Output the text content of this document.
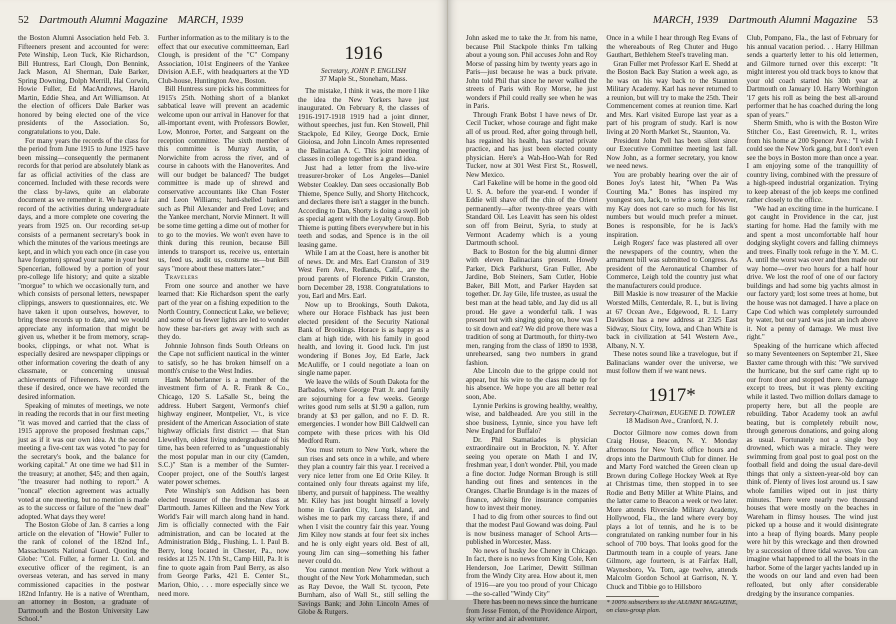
52 Dartmouth Alumni Magazine MARCH, 1939

the Boston Alumni Association held Feb. 3. Fifteeners present and accounted for were: Pete Winship, Leon Tuck, Kie Richardson, Bill Huntress, Earl Clough, Don Bennink, Jack Mason, Al Sherman, Dale Barker, Spring Downing, Dolph Merrill, Hal Corwin, Howie Fuller, Ed MacAndrews, Harold Martin, Eddie Shea, and Art Williamson. At the election of officers Dale Barker was honored by being elected one of the vice presidents of the Association. So, congratulations to you, Dale.

For many years the records of the class for the period from June 1915 to June 1925 have been missing—consequently the permanent records for that period are absolutely blank as far as official activities of the class are concerned. Included with these records were the class by-laws, quite an elaborate document as we remember it. We have a fair record of the activities during undergraduate days, and a more complete one covering the years from 1925 on. Our recording set-up consists of a permanent secretary's book in which the minutes of the various meetings are kept, and in which you each once (in case you have forgotten) spread your name in your best Spencerian, followed by a portion of your pre-college life history; and quite a sizable "morgue" to which we occasionally turn, and which consists of personal letters, newspaper clippings, answers to questionnaires, etc. We have taken it upon ourselves, however, to bring these records up to date, and we would appreciate any information that might be given us, whether it be from memory, scrap-books, clippings, or what not. What is especially desired are newspaper clippings or other information covering the death of any classmate, or concerning unusual achievements of Fifteeners. We will return these if desired, once we have recorded the desired information.

Speaking of minutes of meetings, we note in reading the records that in our first meeting "it was moved and carried that the class of 1915 approve the proposed freshman caps," just as if it was our own idea. At the second meeting a five-cent tax was voted "to pay for the secretary's book, and the balance for working capital." At one time we had $11 in the treasury; at another, $45; and then again, "the treasurer had nothing to report." A "noncal" election agreement was actually voted at one meeting, but no mention is made as to the success or failure of the "new deal" adopted. What days they were!

The Boston Globe of Jan. 8 carries a long article on the elevation of "Howie" Fuller to the rank of colonel of the 182nd Inf., Massachusetts National Guard. Quoting the Globe: "Col. Fuller, a former Lt. Col. and executive officer of the regiment, is an overseas veteran, and has served in many commissioned capacities in the postwar 182nd Infantry. He is a native of Wrentham, an attorney in Boston, a graduate of Dartmouth and the Boston University Law School."

Further information as to the military is to the effect that our executive committeeman, Earl Clough, is president of the "C" Company Association, 101st Engineers of the Yankee Division A.E.F., with headquarters at the YD Club-house, Huntington Ave., Boston.

Bill Huntress sure picks his committees for 1915's 25th. Nothing short of a blanket sabbatical leave will prevent an academic welcome upon our arrival in Hanover for that all-important event, with Professors Bowler, Low, Monroe, Porter, and Sargeant on the reception committee. The sixth member of this committee is Murray Austin, a Norwichite from across the river, and of course in cahoots with the Hanoverites. And will our budget be balanced? The budget committee is made up of shrewd and conservative accountants like Chan Foster and Leon Williams; hard-shelled bankers such as Phil Alexander and Fred Love; and the Yankee merchant, Norvie Minnert. It will be some time getting a dime out of mother for to go to the movies. We won't even have to think during this reunion, because Bill intends to transport us, receive us, entertain us, feed us, audit us, costume us—but Bill says "more about these matters later."

Travelers

From one source and another we have learned that: Kie Richardson spent the early part of the year on a fishing expedition to the North Country, Connecticut Lake, we believe; and some of us fewer lights are led to wonder how these bar-riers get away with such as they do.

Johnnie Johnson finds South Orleans on the Cape not sufficient nautical in the winter to satisfy, so he has broken himself on a month's cruise to the West Indies.

Hank Moberlanner is a member of the investment firm of A. R. Frank & Co., Chicago, 120 S. LaSalle St., being the address. Hubert Sargent, Vermont's chief highway engineer, Montpelier, Vt., is vice president of the American Association of state highway officials first district — that Stan Llewellyn, oldest living undergraduate of his time, has been referred to as "unquestionably the most popular man in our city (Camden, S.C.)" Stan is a member of the Sumter-Cooper project, one of the South's largest water power schemes.

Pete Winship's son Addison has been elected treasurer of the freshman class at Dartmouth. James Killeen and the New York World's Fair will march along hand in hand. Jim is officially connected with the Fair administration, and can be located at the Administration Bldg., Flushing, L. I. Paul B. Berry, long located in Chester, Pa., now resides at 125 N. 17th St., Camp Hill, Pa. It is fine to quote again from Paul Berry, as also from George Parks, 421 E. Center St., Marion, Ohio, . . . more especially since we need more.

1916
Secretary, JOHN P. ENGLISH
37 Maple St., Stoneham, Mass.

The mistake, I think it was, the more I like the idea the New Yorkers have just inaugurated. On February 8, the classes of 1916-1917-1918 1919 had a joint dinner, without speeches, just fun. Ken Stowell, Phil Stackpole, Ed Kiley, George Dock, Ernie Gioiosa, and John Lincoln Ames represented the Balinacian A. C. This joint meeting of classes in college together is a grand idea.

Just had a letter from the live-wire treasurer-broker of Los Angeles—Daniel Webster Coakley. Dan sees occasionally Bob Thieme, Spence Sully, and Shorty Hitchcock, and declares there isn't a stagger in the bunch. According to Dan, Shorty is doing a swell job as special agent with the Loyalty Group. Bob Thieme is putting fibers everywhere but in his teeth and sodas, and Spence is in the oil leasing game.

While I am at the Coast, here is another bit of news. Dr. and Mrs. Earl Cranston of 319 West Fern Ave., Redlands, Calif., are the proud parents of Florence Pitkin Cranston, born December 28, 1938. Congratulations to you, Earl and Mrs. Earl.

Now up to Brookings, South Dakota, where our Horace Fishback has just been elected president of the Security National Bank of Brookings. Horace is as happy as a clam at high tide, with his family in good health, and loving it. Good luck. I'm just wondering if Bones Joy, Ed Earle, Jack McAuliffe, or I could negotiate a loan on single name paper.

We leave the wilds of South Dakota for the Barbados, where George Pratt Jr. and family are sojourning for a few weeks. George writes good rum sells at $1.90 a gallon, rum brandy at $3 per gallon, and no F. D. R. emergencies. I wonder how Bill Caldwell can compete with these prices with his Old Medford Rum.

You must return to New York, where the sun rises and sets once in a while, and where they plan a country fair this year. I received a very nice letter from one Ed Orite Kiley. It contained only four threats against my life, liberty, and pursuit of happiness. The wealthy Mr. Kiley has just bought himself a lovely home in Garden City, Long Island, and wishes me to park my carcass there, if and when I visit the country fair this year. Young Jim Kiley now stands at four feet six inches and he is only eight years old. Best of all, young Jim can sing—something his father never could do.

You cannot mention New York without a thought of the New York Mohammedan, such as Ray Devoe, the Wall St. tycoon, Pete Burnham, also of Wall St., still selling the Savings Bank; and John Lincoln Ames of Globe & Rutgers.

MARCH, 1939 Dartmouth Alumni Magazine 53

John asked me to take the Jr. from his name, because Phil Stackpole thinks I'm talking about a young son. Phil accuses John and Roy Morse of passing him by twenty years ago in Paris—just because he was a buck private. John told Phil that since he never walked the streets of Paris with Roy Morse, he just wonders if Phil could really see when he was in Paris.

Through Frank Bobst I have news of Dr. Cecil Tucker, whose courage and fight make all of us proud. Red, after going through hell, has regained his health, has started private practice, and has just been elected county physician. Here's a Wah-Hoo-Wah for Red Tucker, now at 301 West First St., Roswell, New Mexico.

Carl Fakeline will be home in the good old U. S. A. before the year-end. I wonder if Eddie will shave off the chin of the Orient permanently—after twenty-three years with Standard Oil. Les Leavitt has seen his oldest son off from Beirut, Syria, to study at Vermont Academy which is a young Dartmouth school.

Back to Boston for the big alumni dinner with eleven Balinacians present. Howdy Parker, Dick Parkhurst, Gran Fuller, Abe Jardine, Bob Steiners, Sam Cutler, Hobie Baker, Bill Mott, and Parker Hayden sat together. Dr. Jay Gile, life trustee, as usual the best man at the head table, and Jay did us all proud. He gave a wonderful talk. I was present but with singing going on, how was I to sit down and eat? We did prove there was a tradition of song at Dartmouth, for thirty-two men, ranging from the class of 1890 to 1938, unrehearsed, sang two numbers in grand fashion.

Abe Lincoln due to the grippe could not appear, but his wire to the class made up for his absence. We hope you are all better real soon, Abe.

Lynnie Perkins is growing healthy, wealthy, wise, and baldheaded. Are you still in the shoe business, Lynnie, since you have left New England for Buffalo?

Dr. Phil Stamatiades is physician extraordinaire out in Brockton, N. Y. After seeing you operate on Math I and IV, freshman year, I don't wonder. Phil, you made a fine doctor. Judge Norman Brough is still handing out fines and sentences in the Oranges. Charlie Brundage is in the mazes of finance, advising fire insurance companies how to invest their money.

I had to dig from other sources to find out that the modest Paul Gowand was doing. Paul is now business manager of School Arts—published in Worcester, Mass.

No news of husky Joe Cheney in Chicago. In fact, there is no news from King Cole, Ken Henderson, Joe Larimer, Dewitt Stillman from the Windy City area. How about it, men of 1916—are you too proud of your Chicago—the so-called "Windy City"

There has been no news since the hurricane from Jesse Fenton, of the Providence Airport, sky writer and air adventurer.

Once in a while I hear through Reg Evans of the whereabouts of Reg Chuter and Hugo Gauthart, Bethlehem Steel's traveling man.

Gran Fuller met Professor Karl E. Shedd at the Boston Back Bay Station a week ago, as he was on his way back to the Staunton Military Academy. Karl has never returned to a reunion, but will try to make the 25th. Their Commencement comes at reunion time. Karl and Mrs. Karl visited Europe last year as a part of his program of study. Karl is now living at 20 North Market St., Staunton, Va.

President John Pell has been silent since our Executive Committee meeting last fall. Now John, as a former secretary, you know we need news.

You are probably hearing over the air of Bones Joy's latest hit, "When Pa Was Courting Ma." Bones has inspired my youngest son, Jack, to write a song. However, my Kay does not care so much for his list numbers but would much prefer a minuet. Bones is responsible, for he is Jack's inspiration.

Leigh Rogers' face was plastered all over the newspapers of the country, when the armament bill was submitted to Congress. As president of the Aeronautical Chamber of Commerce, Leigh told the country just what the manufacturers could produce.

Bill Maskie is now treasurer of the Mackie Worsted Mills, Centerdale, R. I., but is living at 67 Ocean Ave., Edgewood, R. I. Larry Davidson has a new address at 2325 East Sidway, Sioux City, Iowa, and Chan White is back in civilization at 541 Western Ave., Albany, N. Y.

These notes sound like a travelogue, but if Balinacians wander over the universe, we must follow them if we want news.

1917*
Secretary-Chairman, EUGENE D. TOWLER
18 Madison Ave., Cranford, N. J.

Doctor Gilmore now comes down from Craig House, Beacon, N. Y. Monday afternoons for New York office hours and drops into the Dartmouth Club for dinner. He and Marty Ford watched the Green clean up Brown during College Hockey Week at Rye at Christmas time, then stopped in to see Rodie and Betty Miller at White Plains, and the latter came to Beacon a week or two later. More attends Riverside Military Academy, Hollywood, Fla., the land where every boy plays a lot of tennis, and he is to be congratulated on ranking number four in his school of 700 boys. That looks good for the Dartmouth team in a couple of years. Jane Gilmore, age fourteen, is at Fairfax Hall, Waynesboro, Va. Tom, age twelve, attends Malcolm Gordon School at Garrison, N. Y. Chuck and Tibbie go to Hillsboro

* 100% subscribers to the ALUMNI MAGAZINE, on class-group plan.

Club, Pompano, Fla., the last of February for his annual vacation period. . . Harry Hillman sends a quarterly letter to his old lettermen, and Gilmore turned over this excerpt: "It might interest you old track boys to know that your old coach started his 30th year at Dartmouth on January 10. Harry Worthington '17 gets his roll as being the best all-around performer that he has coached during the long span of years."

Sherm Smith, who is with the Boston Wire Stitcher Co., East Greenwich, R. I., writes from his home at 200 Spencer Ave.: "I wish I could see the New York gang, but I don't even see the boys in Boston more than once a year. I am enjoying some of the tranquillity of country living, combined with the pressure of a high-speed industrial organization. Trying to keep abreast of the job keeps me confined rather closely to the office.

"We had an exciting time in the hurricane. I got caught in Providence in the car, just starting for home. Had the family with me and spent a most uncomfortable half hour dodging skylight covers and falling chimneys and trees. Finally took refuge in the Y. M. C. A. until the worst was over and then made our way home—over two hours for a half hour drive. We lost the roof of one of our factory buildings and had some big yachts almost in our factory yard; lost some trees at home, but the house was not damaged. I have a place on Cape Cod which was completely surrounded by water, but our yard was just an inch above it. Not a penny of damage. We must live right."

Speaking of the hurricane which affected so many Seventeeners on September 21, Skee Baxter came through with this: "We survived the hurricane, but the surf came right up to our front door and stopped there. No damage except to trees, but it was plenty exciting while it lasted. Two million dollars damage to property here, but all the people are rebuilding. Tabor Academy took an awful beating, but is completely rebuilt now, through generous donations, and going along as usual. Fortunately not a single boy drowned, which was a miracle. They were swimming from goal post to goal post on the football field and doing the usual dare-devil things that only a sixteen-year-old boy can think of. Plenty of lives lost around us. I saw whole families wiped out in just thirty minutes. There were nearly two thousand houses that were mostly on the beaches in Wareham in flimsy houses. The wind just picked up a house and it would disintegrate into a heap of flying boards. Many people were hit by this wreckage and then drowned by a succession of three tidal waves. You can imagine what happened to all the boats in the harbor. Some of the larger yachts landed up in the woods on our land and even had been refloated, but only after considerable dredging by the insurance companies.
